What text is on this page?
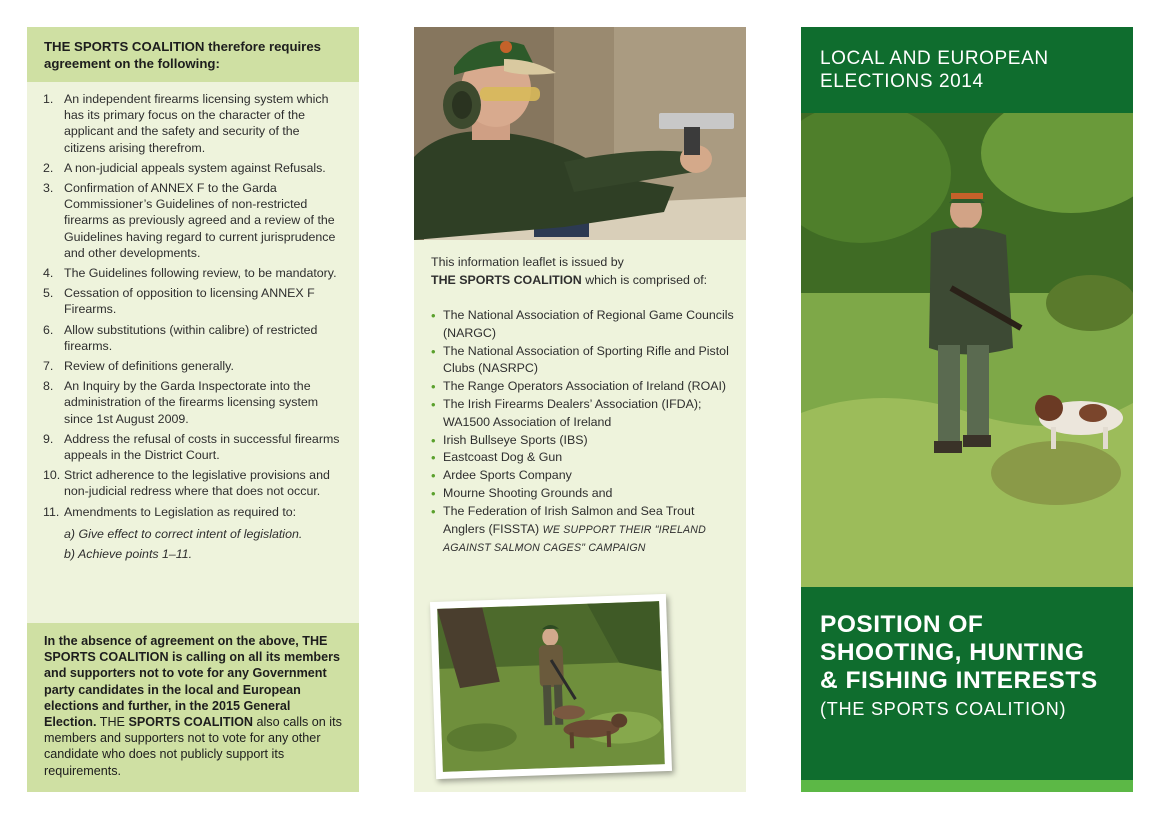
THE SPORTS COALITION therefore requires agreement on the following:
1. An independent firearms licensing system which has its primary focus on the character of the applicant and the safety and security of the citizens arising therefrom.
2. A non-judicial appeals system against Refusals.
3. Confirmation of ANNEX F to the Garda Commissioner’s Guidelines of non-restricted firearms as previously agreed and a review of the Guidelines having regard to current jurisprudence and other developments.
4. The Guidelines following review, to be mandatory.
5. Cessation of opposition to licensing ANNEX F Firearms.
6. Allow substitutions (within calibre) of restricted firearms.
7. Review of definitions generally.
8. An Inquiry by the Garda Inspectorate into the administration of the firearms licensing system since 1st August 2009.
9. Address the refusal of costs in successful firearms appeals in the District Court.
10. Strict adherence to the legislative provisions and non-judicial redress where that does not occur.
11. Amendments to Legislation as required to:
a) Give effect to correct intent of legislation.
b) Achieve points 1–11.
In the absence of agreement on the above, THE SPORTS COALITION is calling on all its members and supporters not to vote for any Government party candidates in the local and European elections and further, in the 2015 General Election. THE SPORTS COALITION also calls on its members and supporters not to vote for any other candidate who does not publicly support its requirements.

This information leaflet is issued by
THE SPORTS COALITION which is comprised of:

• The National Association of Regional Game Councils (NARGC)
• The National Association of Sporting Rifle and Pistol Clubs (NASRPC)
• The Range Operators Association of Ireland (ROAI)
• The Irish Firearms Dealers’ Association (IFDA); WA1500 Association of Ireland
• Irish Bullseye Sports (IBS)
• Eastcoast Dog & Gun
• Ardee Sports Company
• Mourne Shooting Grounds and
• The Federation of Irish Salmon and Sea Trout Anglers (FISSTA) WE SUPPORT THEIR "IRELAND AGAINST SALMON CAGES" CAMPAIGN
LOCAL AND EUROPEAN
ELECTIONS 2014
POSITION OF
SHOOTING, HUNTING
& FISHING INTERESTS
(THE SPORTS COALITION)
